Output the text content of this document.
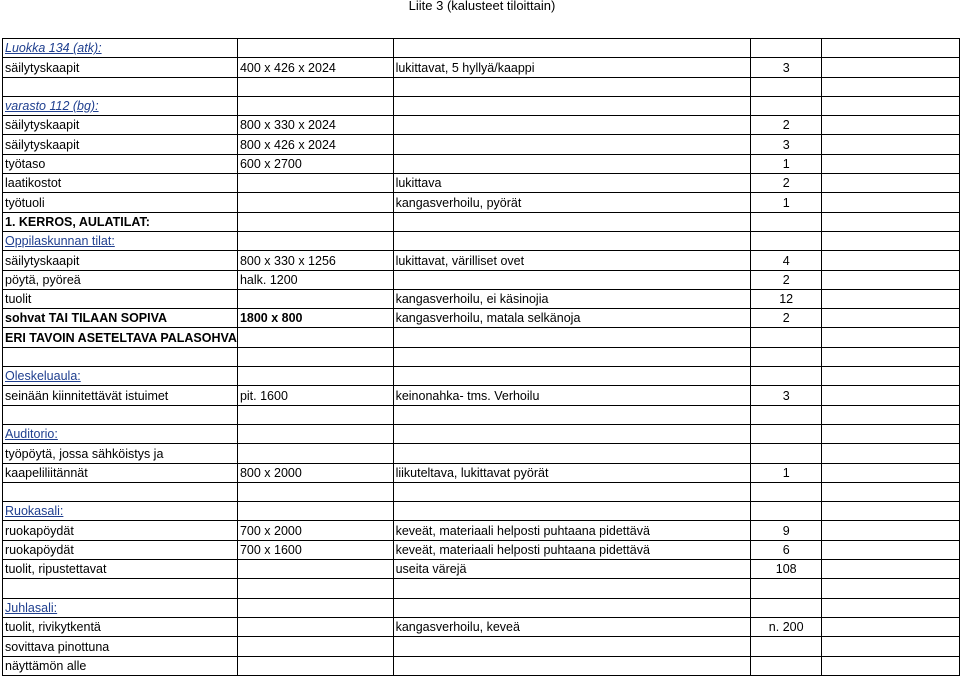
Liite 3 (kalusteet tiloittain)
Luokka 134 (atk):				
säilytyskaapit	400 x 426 x 2024	lukittavat, 5 hyllyä/kaappi	3	

varasto 112 (bg):				
säilytyskaapit	800 x 330 x 2024		2	
säilytyskaapit	800 x 426 x 2024		3	
työtaso	600 x 2700		1	
laatikostot		lukittava	2	
työtuoli		kangasverhoilu, pyörät	1	
1. KERROS, AULATILAT:				
Oppilaskunnan tilat:				
säilytyskaapit	800 x 330 x 1256	lukittavat, värilliset ovet	4	
pöytä, pyöreä	halk. 1200		2	
tuolit		kangasverhoilu, ei käsinojia	12	
sohvat TAI TILAAN SOPIVA	1800 x 800	kangasverhoilu, matala selkänoja	2	
ERI TAVOIN ASETELTAVA PALASOHVA				

Oleskeluaula:				
seinään kiinnitettävät istuimet	pit. 1600	keinonahka- tms. Verhoilu	3	

Auditorio:				
työpöytä, jossa sähköistys ja				
kaapeliliitännät	800 x 2000	liikuteltava, lukittavat pyörät	1	

Ruokasali:				
ruokapöydät	700 x 2000	keveät, materiaali helposti puhtaana pidettävä	9	
ruokapöydät	700 x 1600	keveät, materiaali helposti puhtaana pidettävä	6	
tuolit, ripustettavat		useita värejä	108	

Juhlasali:				
tuolit, rivikytkentä		kangasverhoilu, keveä	n. 200	
sovittava pinottuna				
näyttämön alle				
